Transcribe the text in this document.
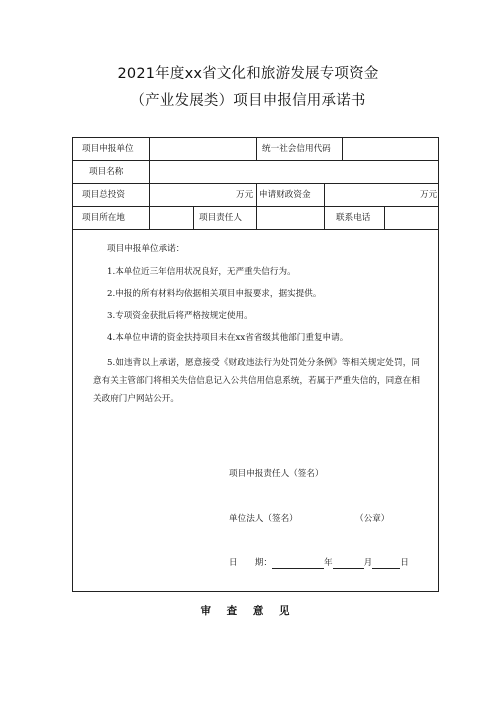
2021年度xx省文化和旅游发展专项资金
（产业发展类）项目申报信用承诺书
项目申报单位	统一社会信用代码
项目名称
项目总投资	万元 申请财政资金	万元
项目所在地	项目责任人	联系电话
项目申报单位承诺：
1.本单位近三年信用状况良好，无严重失信行为。
2.申报的所有材料均依据相关项目申报要求，据实提供。
3.专项资金获批后将严格按规定使用。
4.本单位申请的资金扶持项目未在xx省省级其他部门重复申请。
5.如违背以上承诺，愿意接受《财政违法行为处罚处分条例》等相关规定处罚，同意有关主管部门将相关失信信息记入公共信用信息系统，若属于严重失信的，同意在相关政府门户网站公开。
项目申报责任人（签名）
单位法人（签名）	（公章）
日　　期：	年	月	日
审 查 意 见
